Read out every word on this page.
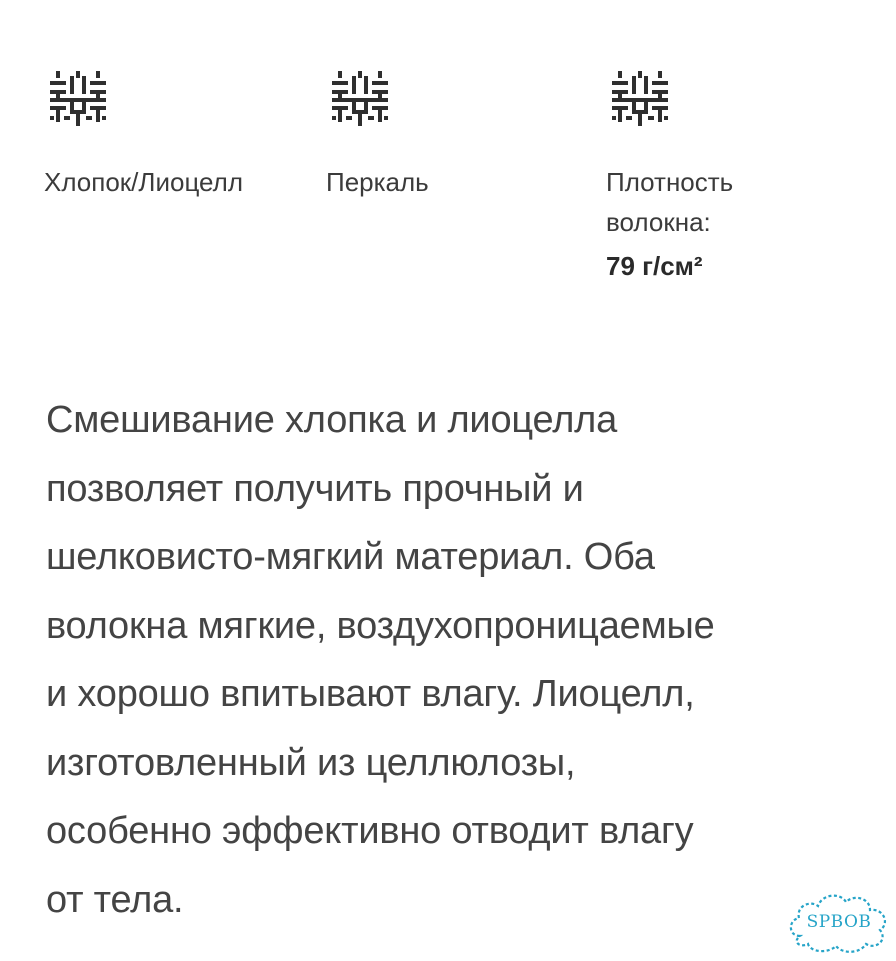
Хлопок/Лиоцелл	Перкаль	Плотность
волокна:
79 г/см²

Смешивание хлопка и лиоцелла
позволяет получить прочный и
шелковисто-мягкий материал. Оба
волокна мягкие, воздухопроницаемые
и хорошо впитывают влагу. Лиоцелл,
изготовленный из целлюлозы,
особенно эффективно отводит влагу
от тела.

SPBOB
